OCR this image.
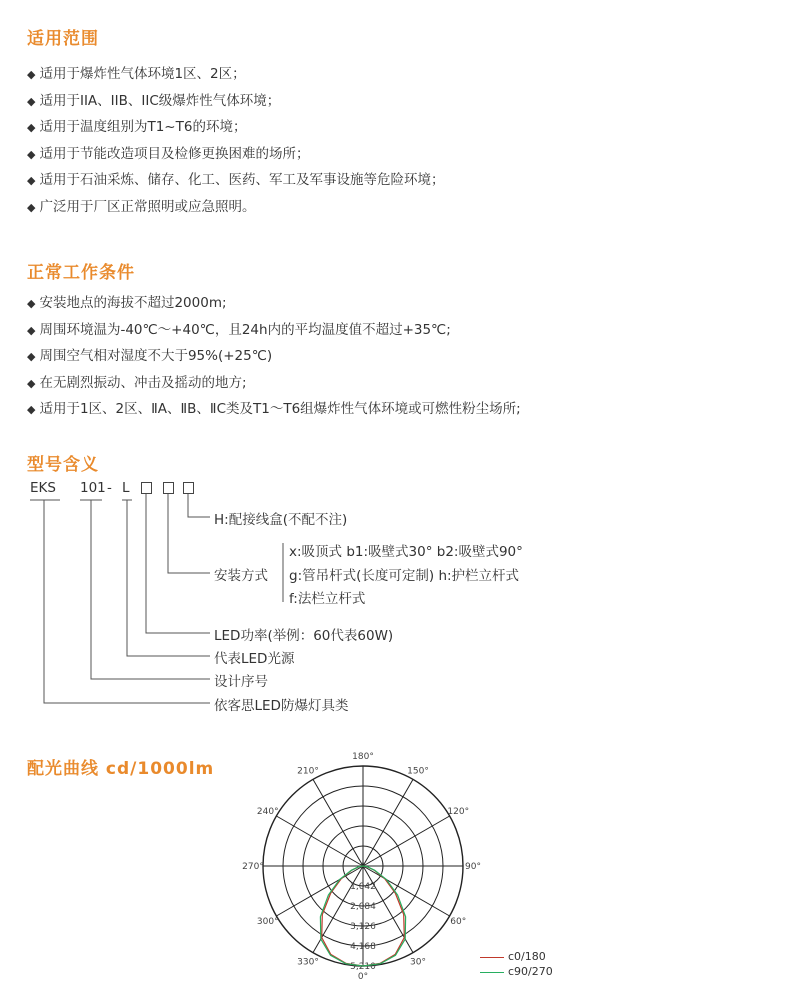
适用范围
◆ 适用于爆炸性气体环境1区、2区；
◆ 适用于IIA、IIB、IIC级爆炸性气体环境；
◆ 适用于温度组别为T1~T6的环境；
◆ 适用于节能改造项目及检修更换困难的场所；
◆ 适用于石油采炼、储存、化工、医药、军工及军事设施等危险环境；
◆ 广泛用于厂区正常照明或应急照明。
正常工作条件
◆ 安装地点的海拔不超过2000m;
◆ 周围环境温为-40℃～+40℃，且24h内的平均温度值不超过+35℃;
◆ 周围空气相对湿度不大于95%(+25℃)
◆ 在无剧烈振动、冲击及摇动的地方;
◆ 适用于1区、2区、ⅡA、ⅡB、ⅡC类及T1～T6组爆炸性气体环境或可燃性粉尘场所;
型号含义
EKS 101 - L
H:配接线盒(不配不注)
安装方式
x:吸顶式 b1:吸壁式30° b2:吸壁式90°
g:管吊杆式(长度可定制) h:护栏立杆式
f:法栏立杆式
LED功率(举例：60代表60W)
代表LED光源
设计序号
依客思LED防爆灯具类
配光曲线 cd/1000lm
180°
150°
120°
90°
60°
30°
0°
330°
300°
270°
240°
210°
0
1,042
2,084
3,126
4,168
5,210
c0/180
c90/270
